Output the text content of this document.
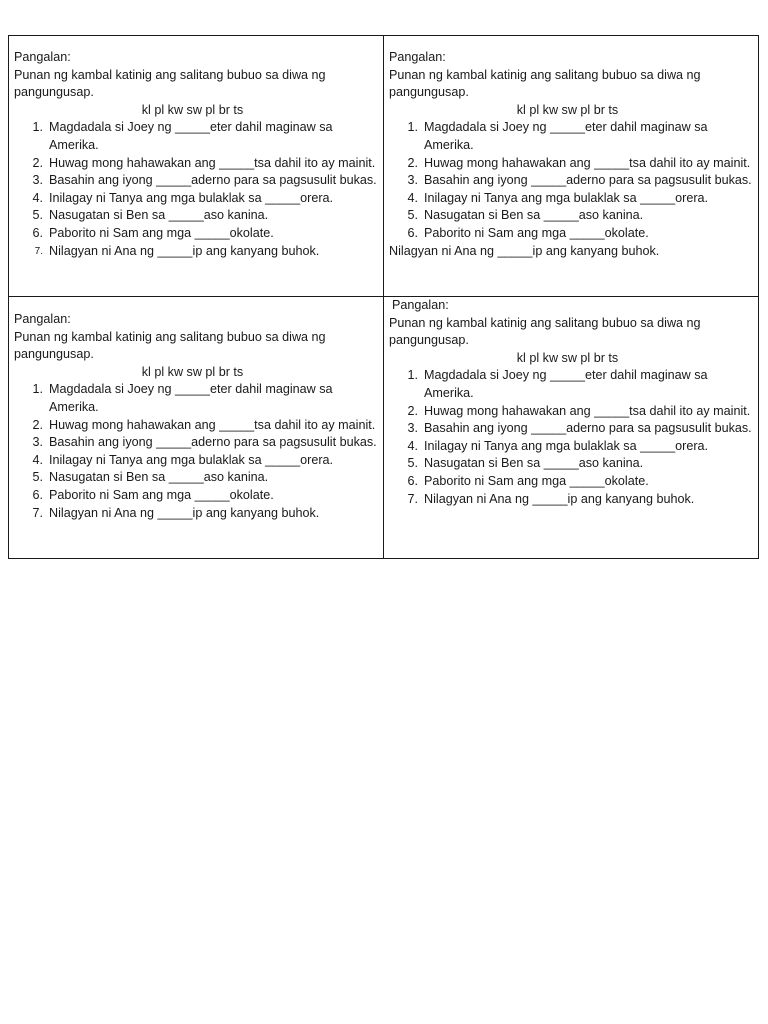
Pangalan:
Punan ng kambal katinig ang salitang bubuo sa diwa ng pangungusap.
kl pl kw sw pl br ts
1. Magdadala si Joey ng _____eter dahil maginaw sa Amerika.
2. Huwag mong hahawakan ang _____tsa dahil ito ay mainit.
3. Basahin ang iyong _____aderno para sa pagsusulit bukas.
4. Inilagay ni Tanya ang mga bulaklak sa _____orera.
5. Nasugatan si Ben sa _____aso kanina.
6. Paborito ni Sam ang mga _____okolate.
7. Nilagyan ni Ana ng _____ip ang kanyang buhok.
Pangalan:
Punan ng kambal katinig ang salitang bubuo sa diwa ng pangungusap.
kl pl kw sw pl br ts
1. Magdadala si Joey ng _____eter dahil maginaw sa Amerika.
2. Huwag mong hahawakan ang _____tsa dahil ito ay mainit.
3. Basahin ang iyong _____aderno para sa pagsusulit bukas.
4. Inilagay ni Tanya ang mga bulaklak sa _____orera.
5. Nasugatan si Ben sa _____aso kanina.
6. Paborito ni Sam ang mga _____okolate.
Nilagyan ni Ana ng _____ip ang kanyang buhok.
Pangalan:
Punan ng kambal katinig ang salitang bubuo sa diwa ng pangungusap.
kl pl kw sw pl br ts
1. Magdadala si Joey ng _____eter dahil maginaw sa Amerika.
2. Huwag mong hahawakan ang _____tsa dahil ito ay mainit.
3. Basahin ang iyong _____aderno para sa pagsusulit bukas.
4. Inilagay ni Tanya ang mga bulaklak sa _____orera.
5. Nasugatan si Ben sa _____aso kanina.
6. Paborito ni Sam ang mga _____okolate.
7. Nilagyan ni Ana ng _____ip ang kanyang buhok.
Pangalan:
Punan ng kambal katinig ang salitang bubuo sa diwa ng pangungusap.
kl pl kw sw pl br ts
1. Magdadala si Joey ng _____eter dahil maginaw sa Amerika.
2. Huwag mong hahawakan ang _____tsa dahil ito ay mainit.
3. Basahin ang iyong _____aderno para sa pagsusulit bukas.
4. Inilagay ni Tanya ang mga bulaklak sa _____orera.
5. Nasugatan si Ben sa _____aso kanina.
6. Paborito ni Sam ang mga _____okolate.
7. Nilagyan ni Ana ng _____ip ang kanyang buhok.
